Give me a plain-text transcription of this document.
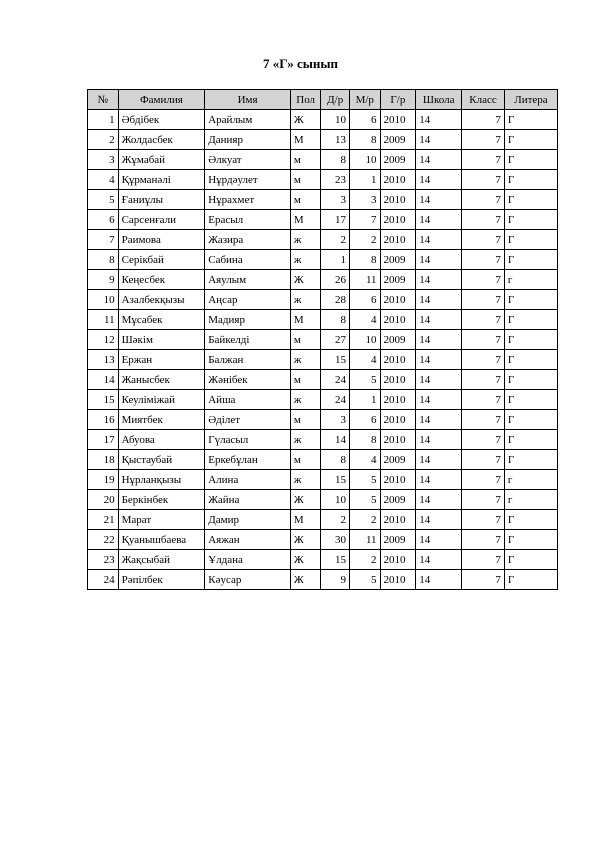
7 «Г» сынып
№	Фамилия	Имя	Пол	Д/р	М/р	Г/р	Школа	Класс	Литера
1	Әбдібек	Арайлым	Ж	10	6	2010	14	7	Г
2	Жолдасбек	Данияр	М	13	8	2009	14	7	Г
3	Жұмабай	Әлкуат	м	8	10	2009	14	7	Г
4	Құрманәлі	Нұрдәулет	м	23	1	2010	14	7	Г
5	Ғаниұлы	Нұрахмет	м	3	3	2010	14	7	Г
6	Сарсенғали	Ерасыл	М	17	7	2010	14	7	Г
7	Раимова	Жазира	ж	2	2	2010	14	7	Г
8	Серікбай	Сабина	ж	1	8	2009	14	7	Г
9	Кеңесбек	Аяулым	Ж	26	11	2009	14	7	г
10	Азалбекқызы	Аңсар	ж	28	6	2010	14	7	Г
11	Мұсабек	Мадияр	М	8	4	2010	14	7	Г
12	Шәкім	Байкелді	м	27	10	2009	14	7	Г
13	Ержан	Балжан	ж	15	4	2010	14	7	Г
14	Жаныcбек	Жәнібек	м	24	5	2010	14	7	Г
15	Кеуліміжай	Айша	ж	24	1	2010	14	7	Г
16	Миятбек	Әділет	м	3	6	2010	14	7	Г
17	Абуова	Гүласыл	ж	14	8	2010	14	7	Г
18	Қыстаубай	Еркебұлан	м	8	4	2009	14	7	Г
19	Нұрланқызы	Алина	ж	15	5	2010	14	7	г
20	Беркінбек	Жайна	Ж	10	5	2009	14	7	г
21	Марат	Дамир	М	2	2	2010	14	7	Г
22	Қуанышбаева	Аяжан	Ж	30	11	2009	14	7	Г
23	Жақсыбай	Ұлдана	Ж	15	2	2010	14	7	Г
24	Рәпілбек	Кәусар	Ж	9	5	2010	14	7	Г
